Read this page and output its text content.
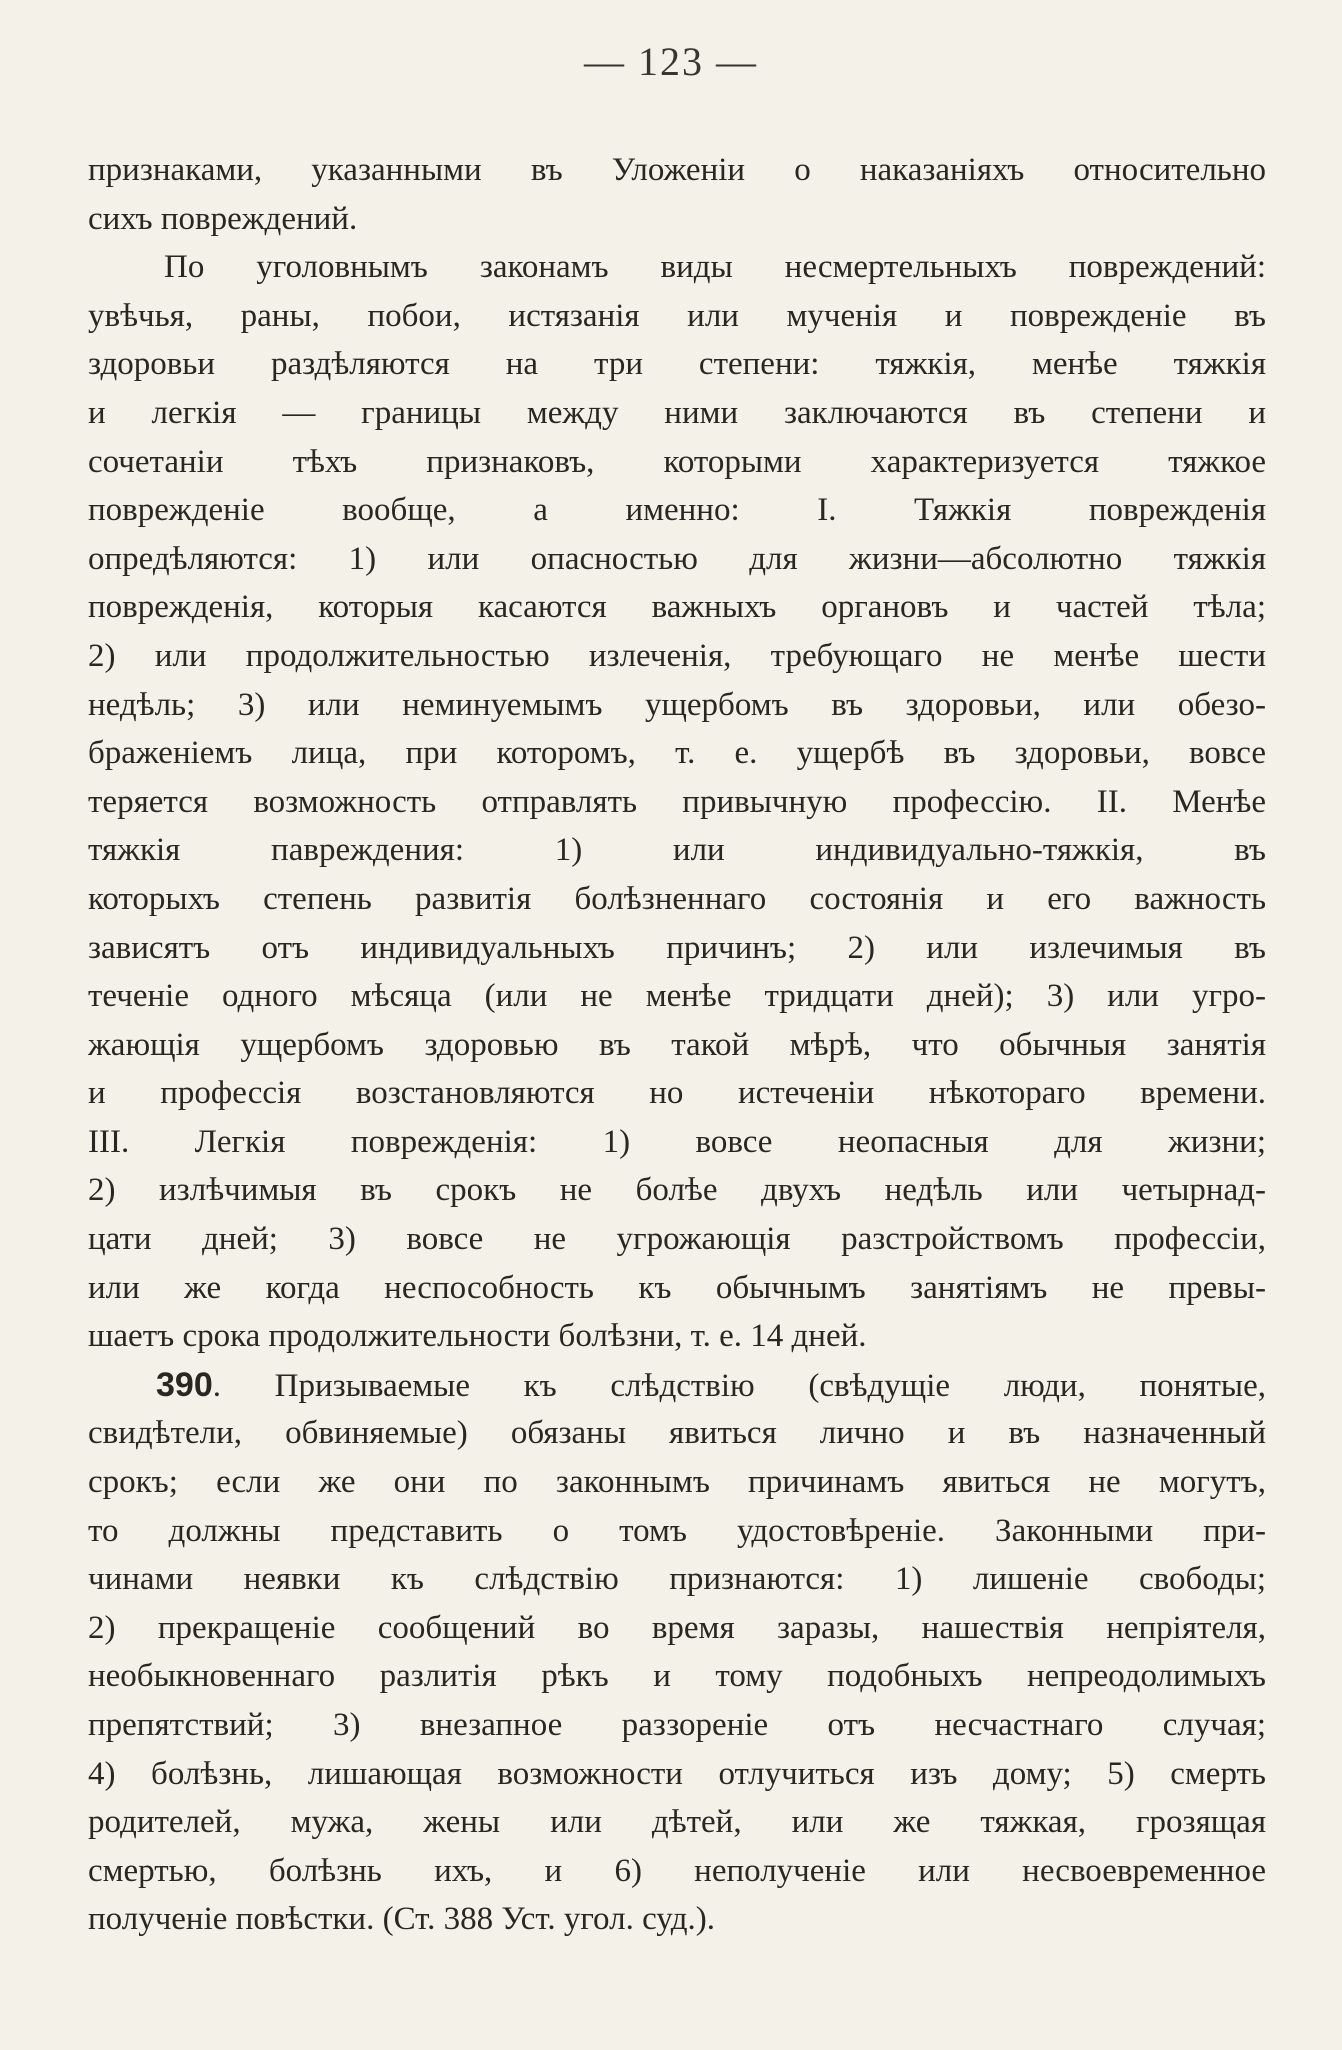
— 123 —
признаками, указанными въ Уложенiи о наказанiяхъ относительно
сихъ повреждений.
По уголовнымъ законамъ виды несмертельныхъ повреждений:
увѣчья, раны, побои, истязанiя или мученiя и поврежденiе въ
здоровьи раздѣляются на три степени: тяжкiя, менѣе тяжкiя
и легкiя — границы между ними заключаются въ степени и
сочетанiи тѣхъ признаковъ, которыми характеризуется тяжкое
поврежденiе вообще, а именно: I. Тяжкiя поврежденiя
опредѣляются: 1) или опасностью для жизни—абсолютно тяжкiя
поврежденiя, которыя касаются важныхъ органовъ и частей тѣла;
2) или продолжительностью излеченiя, требующаго не менѣе шести
недѣль; 3) или неминуемымъ ущербомъ въ здоровьи, или обезо-
браженiемъ лица, при которомъ, т. е. ущербѣ въ здоровьи, вовсе
теряется возможность отправлять привычную профессiю. II. Менѣе
тяжкiя павреждения: 1) или индивидуально-тяжкiя, въ
которыхъ степень развитiя болѣзненнаго состоянiя и его важность
зависятъ отъ индивидуальныхъ причинъ; 2) или излечимыя въ
теченiе одного мѣсяца (или не менѣе тридцати дней); 3) или угро-
жающiя ущербомъ здоровью въ такой мѣрѣ, что обычныя занятiя
и профессiя возстановляются но истеченiи нѣкотораго времени.
III. Легкiя поврежденiя: 1) вовсе неопасныя для жизни;
2) излѣчимыя въ срокъ не болѣе двухъ недѣль или четырнад-
цати дней; 3) вовсе не угрожающiя разстройствомъ профессiи,
или же когда неспособность къ обычнымъ занятiямъ не превы-
шаетъ срока продолжительности болѣзни, т. е. 14 дней.
390. Призываемые къ слѣдствiю (свѣдущiе люди, понятые,
свидѣтели, обвиняемые) обязаны явиться лично и въ назначенный
срокъ; если же они по законнымъ причинамъ явиться не могутъ,
то должны представить о томъ удостовѣренiе. Законными при-
чинами неявки къ слѣдствiю признаются: 1) лишенiе свободы;
2) прекращенiе сообщений во время заразы, нашествiя непрiятеля,
необыкновеннаго разлитiя рѣкъ и тому подобныхъ непреодолимыхъ
препятствий; 3) внезапное раззоренiе отъ несчастнаго случая;
4) болѣзнь, лишающая возможности отлучиться изъ дому; 5) смерть
родителей, мужа, жены или дѣтей, или же тяжкая, грозящая
смертью, болѣзнь ихъ, и 6) неполученiе или несвоевременное
полученiе повѣстки. (Ст. 388 Уст. угол. суд.).
